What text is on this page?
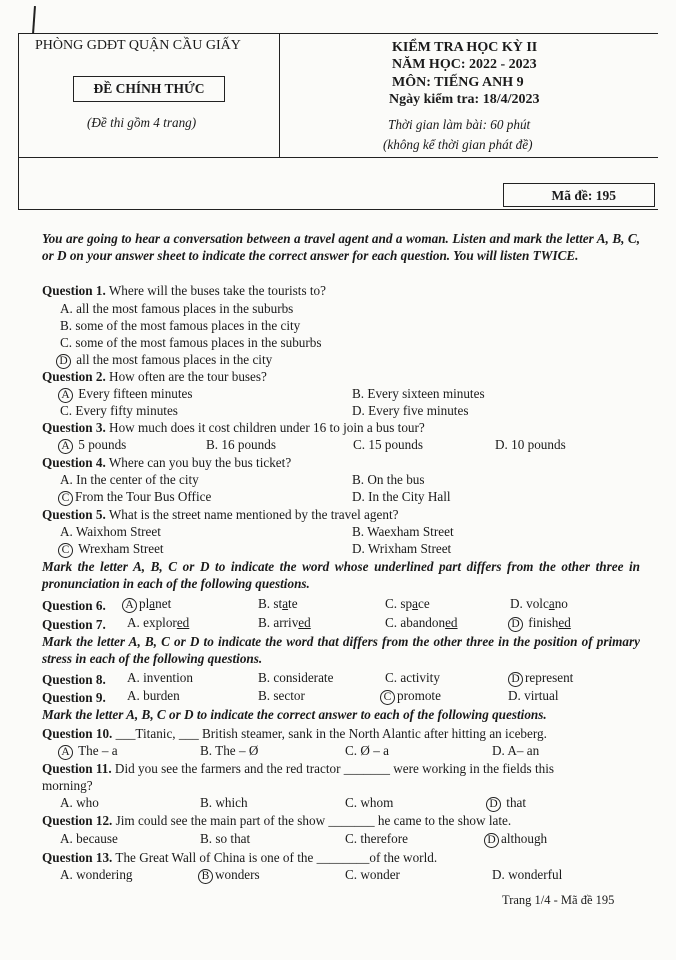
PHÒNG GDĐT QUẬN CẦU GIẤY
ĐỀ CHÍNH THỨC
(Đề thi gồm 4 trang)
KIỂM TRA HỌC KỲ II
NĂM HỌC: 2022 - 2023
MÔN: TIẾNG ANH 9
Ngày kiểm tra: 18/4/2023
Thời gian làm bài: 60 phút
(không kể thời gian phát đề)
Mã đề: 195
You are going to hear a conversation between a travel agent and a woman. Listen and mark the letter A, B, C, or D on your answer sheet to indicate the correct answer for each question. You will listen TWICE.
Question 1. Where will the buses take the tourists to?
A. all the most famous places in the suburbs
B. some of the most famous places in the city
C. some of the most famous places in the suburbs
D all the most famous places in the city
Question 2. How often are the tour buses?
A Every fifteen minutes	B. Every sixteen minutes
C. Every fifty minutes	D. Every five minutes
Question 3. How much does it cost children under 16 to join a bus tour?
A 5 pounds	B. 16 pounds	C. 15 pounds	D. 10 pounds
Question 4. Where can you buy the bus ticket?
A. In the center of the city	B. On the bus
C From the Tour Bus Office	D. In the City Hall
Question 5. What is the street name mentioned by the travel agent?
A. Waixhom Street	B. Waexham Street
C Wrexham Street	D. Wrixham Street
Mark the letter A, B, C or D to indicate the word whose underlined part differs from the other three in pronunciation in each of the following questions.
Question 6. A planet	B. state	C. space	D. volcano
Question 7. A. explored	B. arrived	C. abandoned	D finished
Mark the letter A, B, C or D to indicate the word that differs from the other three in the position of primary stress in each of the following questions.
Question 8. A. invention	B. considerate	C. activity	D represent
Question 9. A. burden	B. sector	C promote	D. virtual
Mark the letter A, B, C or D to indicate the correct answer to each of the following questions.
Question 10. ___Titanic, ___ British steamer, sank in the North Alantic after hitting an iceberg.
A The – a	B. The – Ø	C. Ø – a	D. A– an
Question 11. Did you see the farmers and the red tractor _______ were working in the fields this
morning?
A. who	B. which	C. whom	D that
Question 12. Jim could see the main part of the show _______ he came to the show late.
A. because	B. so that	C. therefore	D although
Question 13. The Great Wall of China is one of the ________of the world.
A. wondering	B wonders	C. wonder	D. wonderful
Trang 1/4 - Mã đề 195
